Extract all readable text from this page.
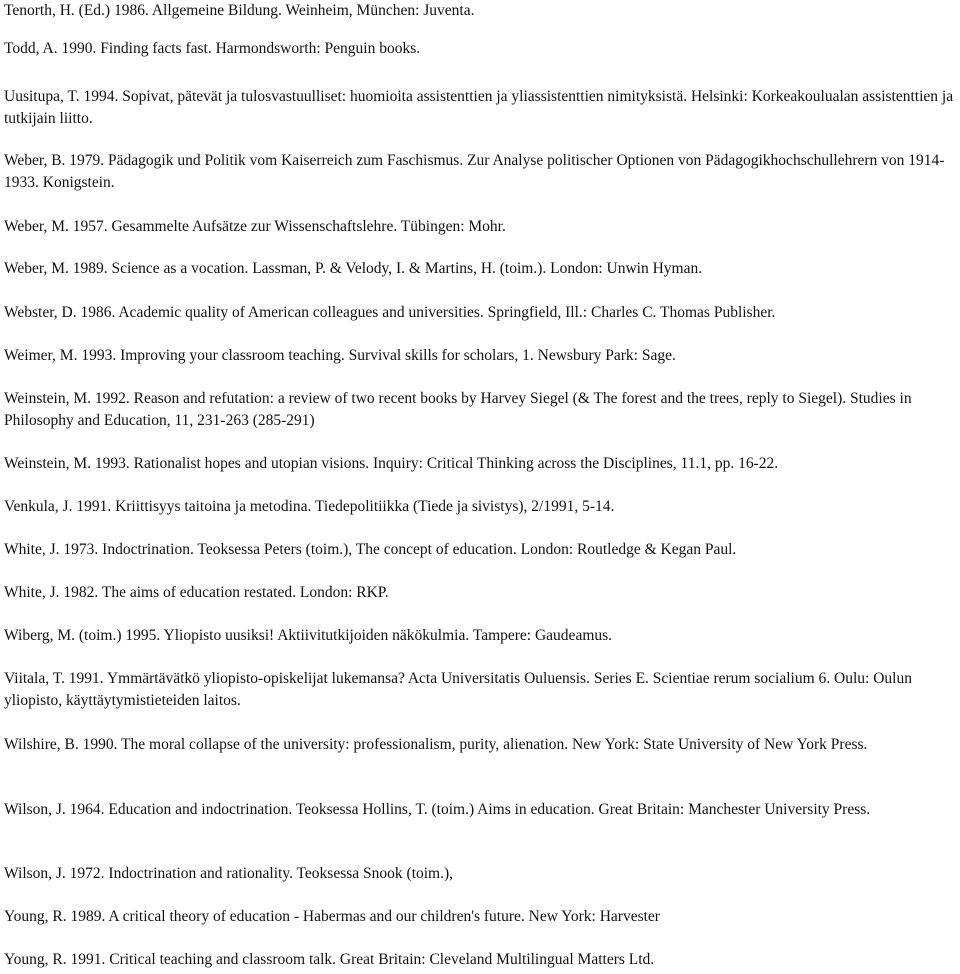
Tenorth, H. (Ed.) 1986. Allgemeine Bildung. Weinheim, München: Juventa.

Todd, A. 1990. Finding facts fast. Harmondsworth: Penguin books.

Uusitupa, T. 1994. Sopivat, pätevät ja tulosvastuulliset: huomioita assistenttien ja yliassistenttien nimityksistä. Helsinki: Korkeakoulualan assistenttien ja tutkijain liitto.

Weber, B. 1979. Pädagogik und Politik vom Kaiserreich zum Faschismus. Zur Analyse politischer Optionen von Pädagogikhochschullehrern von 1914-1933. Konigstein.

Weber, M. 1957. Gesammelte Aufsätze zur Wissenschaftslehre. Tübingen: Mohr.

Weber, M. 1989. Science as a vocation. Lassman, P. & Velody, I. & Martins, H. (toim.). London: Unwin Hyman.

Webster, D. 1986. Academic quality of American colleagues and universities. Springfield, Ill.: Charles C. Thomas Publisher.

Weimer, M. 1993. Improving your classroom teaching. Survival skills for scholars, 1. Newsbury Park: Sage.

Weinstein, M. 1992. Reason and refutation: a review of two recent books by Harvey Siegel (& The forest and the trees, reply to Siegel). Studies in Philosophy and Education, 11, 231-263 (285-291)

Weinstein, M. 1993. Rationalist hopes and utopian visions. Inquiry: Critical Thinking across the Disciplines, 11.1, pp. 16-22.

Venkula, J. 1991. Kriittisyys taitoina ja metodina. Tiedepolitiikka (Tiede ja sivistys), 2/1991, 5-14.

White, J. 1973. Indoctrination. Teoksessa Peters (toim.), The concept of education. London: Routledge & Kegan Paul.

White, J. 1982. The aims of education restated. London: RKP.

Wiberg, M. (toim.) 1995. Yliopisto uusiksi! Aktiivitutkijoiden näkökulmia. Tampere: Gaudeamus.

Viitala, T. 1991. Ymmärtävätkö yliopisto-opiskelijat lukemansa? Acta Universitatis Ouluensis. Series E. Scientiae rerum socialium 6. Oulu: Oulun yliopisto, käyttäytymistieteiden laitos.

Wilshire, B. 1990. The moral collapse of the university: professionalism, purity, alienation. New York: State University of New York Press.

Wilson, J. 1964. Education and indoctrination. Teoksessa Hollins, T. (toim.) Aims in education. Great Britain: Manchester University Press.

Wilson, J. 1972. Indoctrination and rationality. Teoksessa Snook (toim.),

Young, R. 1989. A critical theory of education - Habermas and our children's future. New York: Harvester

Young, R. 1991. Critical teaching and classroom talk. Great Britain: Cleveland Multilingual Matters Ltd.
